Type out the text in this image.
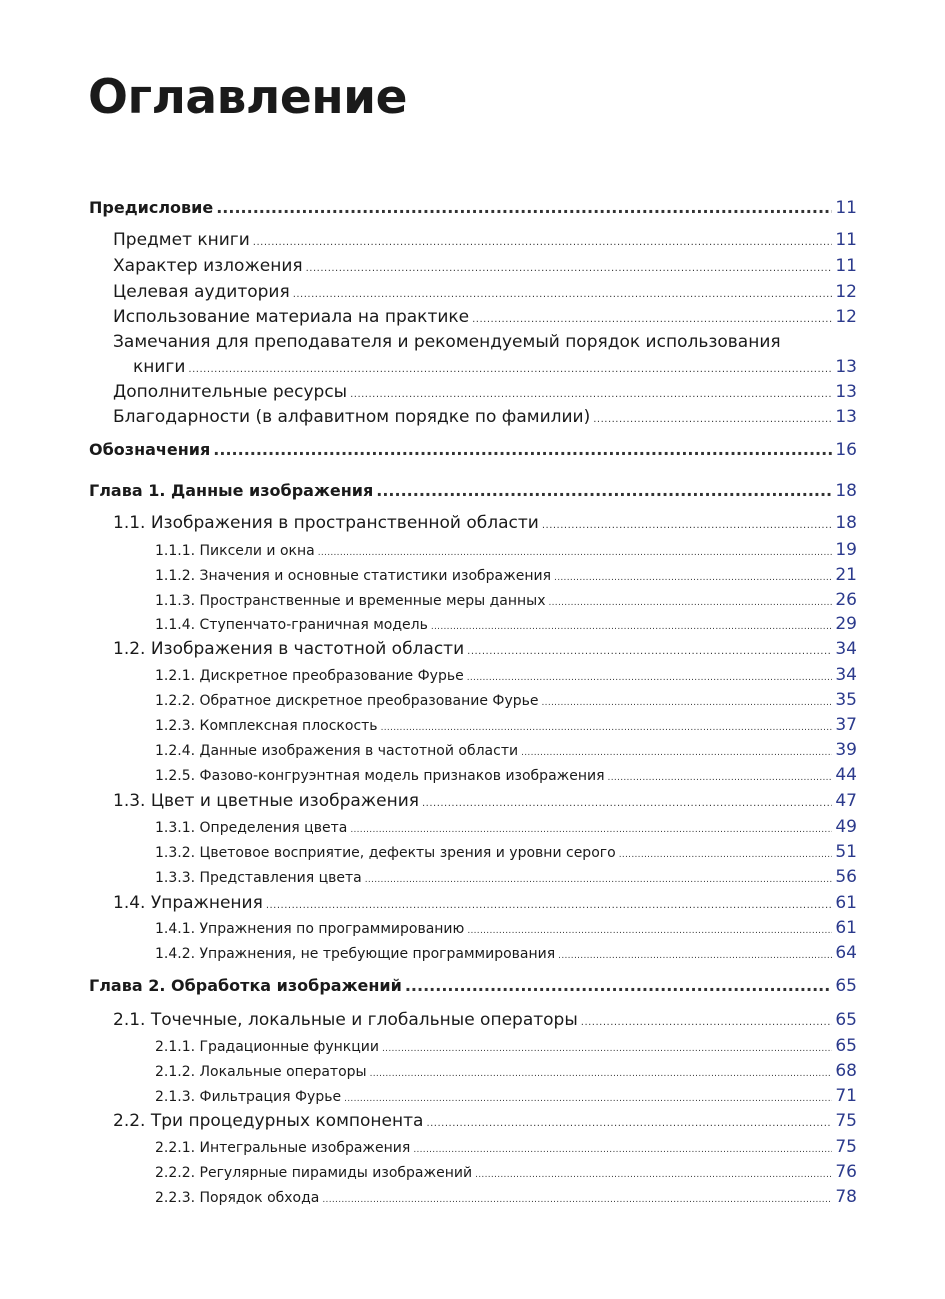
Оглавление
Предисловие .....	11
Предмет книги .....	11
Характер изложения .....	11
Целевая аудитория .....	12
Использование материала на практике .....	12
Замечания для преподавателя и рекомендуемый порядок использования
книги .....	13
Дополнительные ресурсы .....	13
Благодарности (в алфавитном порядке по фамилии) .....	13
Обозначения .....	16
Глава 1. Данные изображения .....	18
1.1. Изображения в пространственной области .....	18
1.1.1. Пиксели и окна .....	19
1.1.2. Значения и основные статистики изображения .....	21
1.1.3. Пространственные и временные меры данных .....	26
1.1.4. Ступенчато-граничная модель .....	29
1.2. Изображения в частотной области .....	34
1.2.1. Дискретное преобразование Фурье .....	34
1.2.2. Обратное дискретное преобразование Фурье .....	35
1.2.3. Комплексная плоскость .....	37
1.2.4. Данные изображения в частотной области .....	39
1.2.5. Фазово-конгруэнтная модель признаков изображения .....	44
1.3. Цвет и цветные изображения .....	47
1.3.1. Определения цвета .....	49
1.3.2. Цветовое восприятие, дефекты зрения и уровни серого .....	51
1.3.3. Представления цвета .....	56
1.4. Упражнения .....	61
1.4.1. Упражнения по программированию .....	61
1.4.2. Упражнения, не требующие программирования .....	64
Глава 2. Обработка изображений .....	65
2.1. Точечные, локальные и глобальные операторы .....	65
2.1.1. Градационные функции .....	65
2.1.2. Локальные операторы .....	68
2.1.3. Фильтрация Фурье .....	71
2.2. Три процедурных компонента .....	75
2.2.1. Интегральные изображения .....	75
2.2.2. Регулярные пирамиды изображений .....	76
2.2.3. Порядок обхода .....	78
